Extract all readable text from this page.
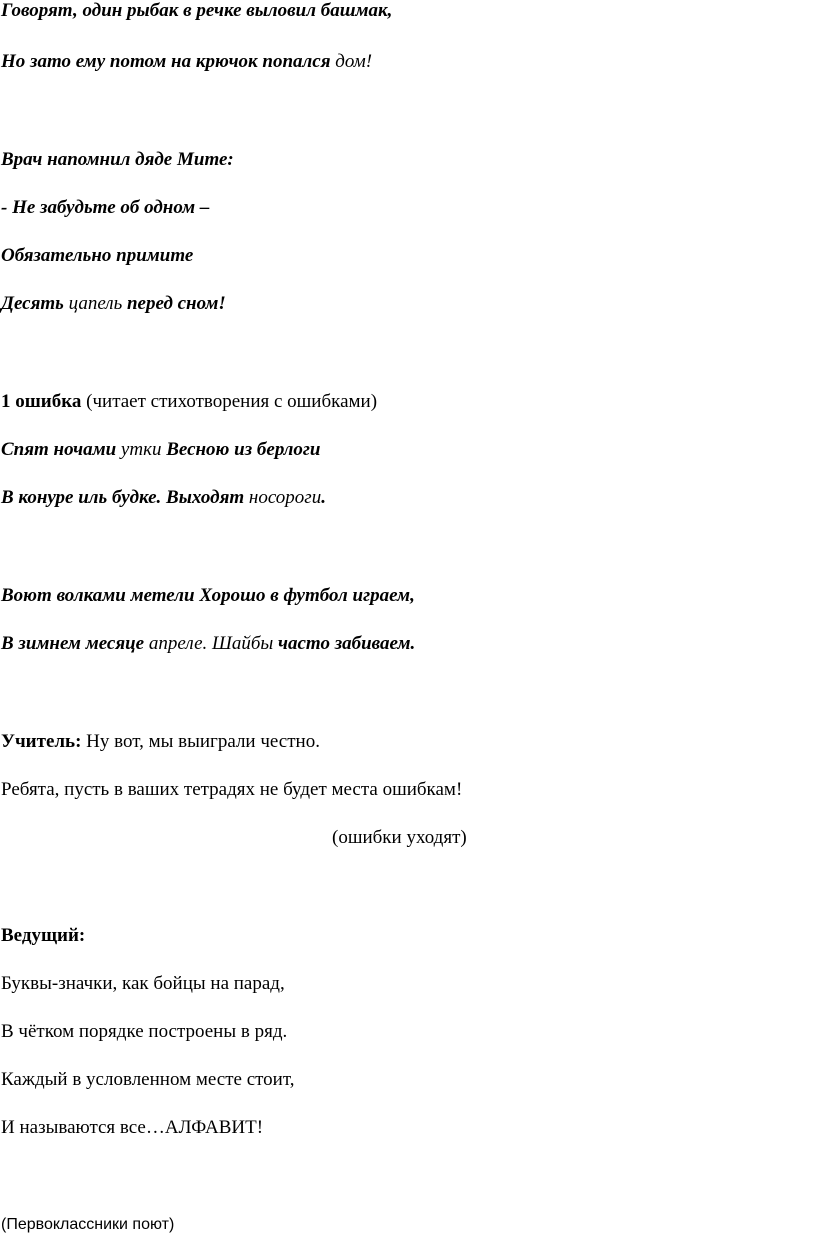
Говорят, один рыбак в речке выловил башмак,
Но зато ему потом на крючок попался дом!
Врач напомнил дяде Мите:
- Не забудьте об одном –
Обязательно примите
Десять цапель перед сном!
1 ошибка (читает стихотворения с ошибками)
Спят ночами утки Весною из берлоги
В конуре иль будке. Выходят носороги.
Воют волками метели Хорошо в футбол играем,
В зимнем месяце апреле. Шайбы часто забиваем.
Учитель: Ну вот, мы выиграли честно.
Ребята, пусть в ваших тетрадях не будет места ошибкам!
(ошибки уходят)
Ведущий:
Буквы-значки, как бойцы на парад,
В чётком порядке построены в ряд.
Каждый в условленном месте стоит,
И называются все…АЛФАВИТ!
(Первоклассники поют)
